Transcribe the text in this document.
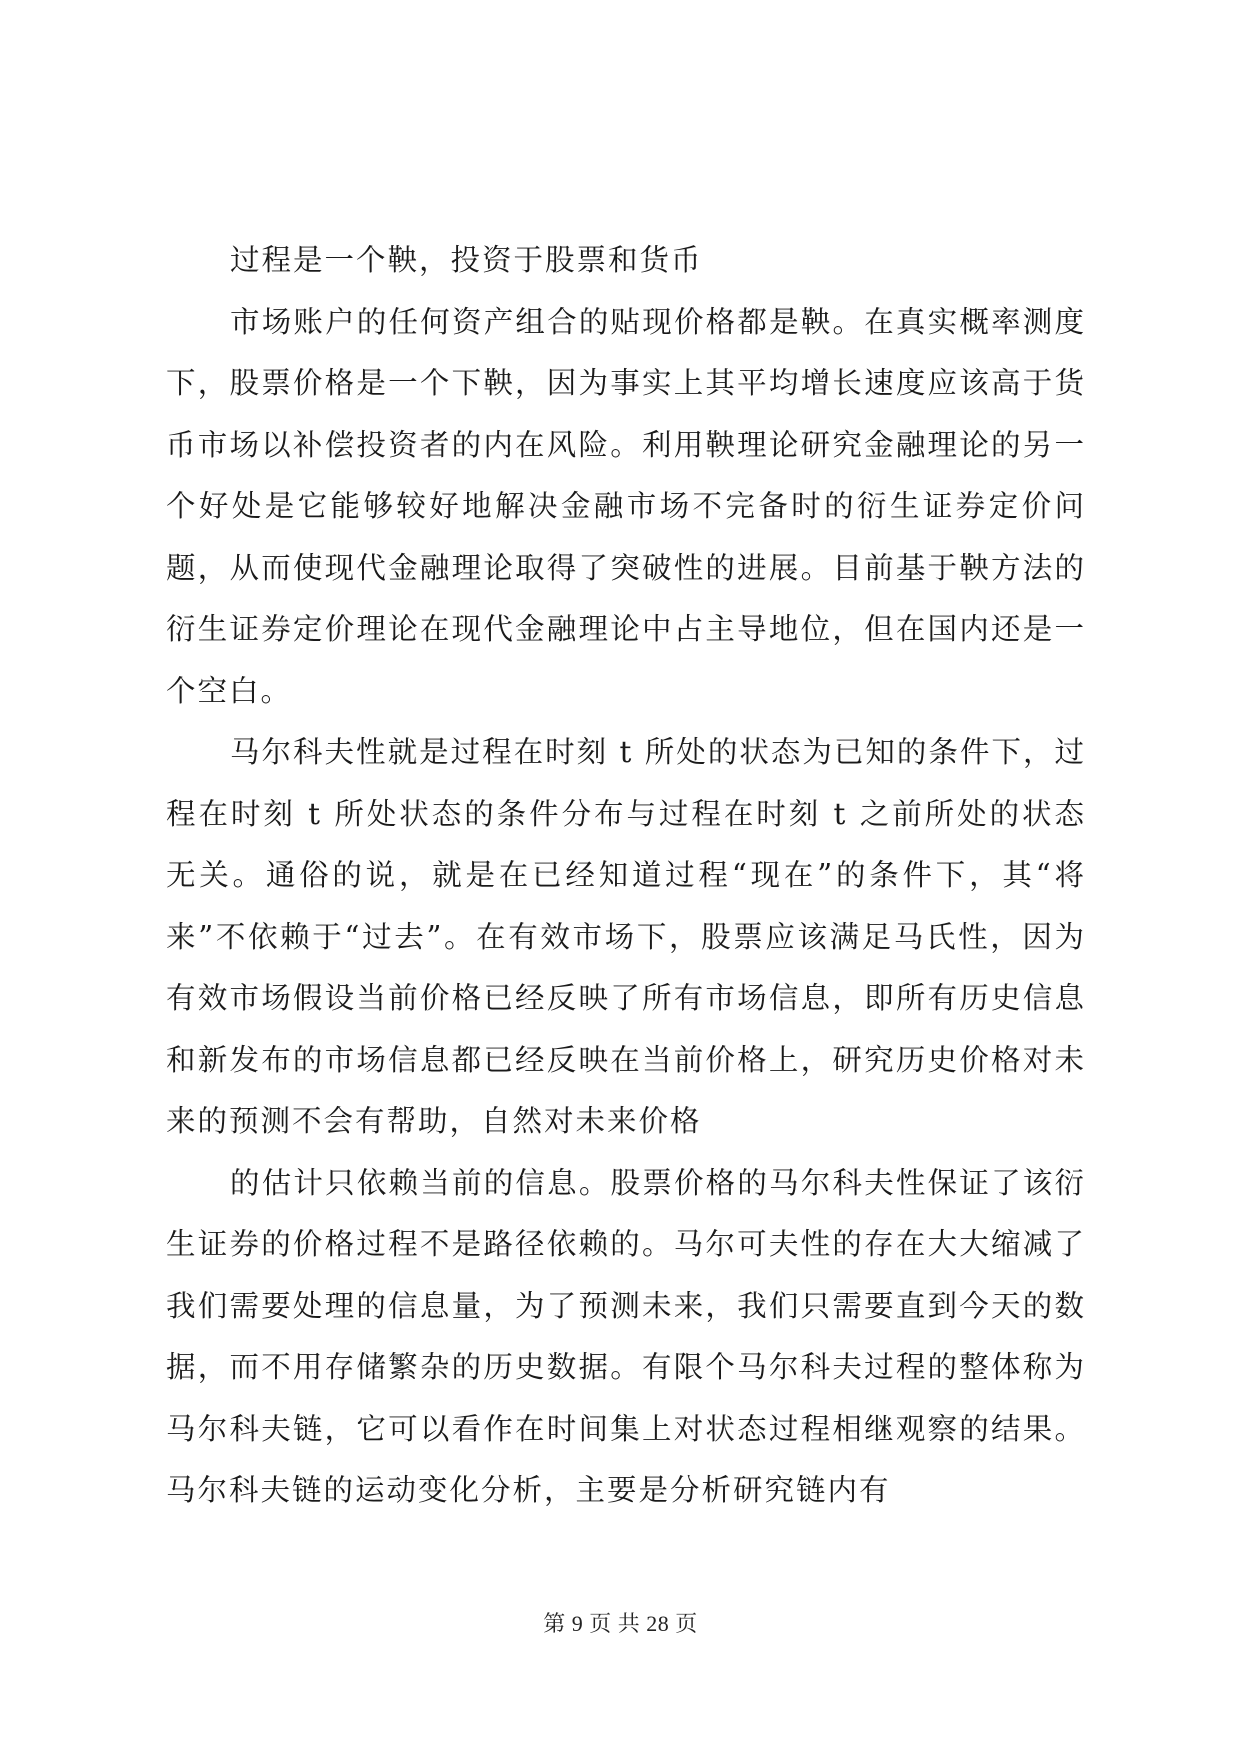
过程是一个鞅，投资于股票和货币

市场账户的任何资产组合的贴现价格都是鞅。在真实概率测度下，股票价格是一个下鞅，因为事实上其平均增长速度应该高于货币市场以补偿投资者的内在风险。利用鞅理论研究金融理论的另一个好处是它能够较好地解决金融市场不完备时的衍生证券定价问题，从而使现代金融理论取得了突破性的进展。目前基于鞅方法的衍生证券定价理论在现代金融理论中占主导地位，但在国内还是一个空白。

马尔科夫性就是过程在时刻 t 所处的状态为已知的条件下，过程在时刻 t 所处状态的条件分布与过程在时刻 t 之前所处的状态无关。通俗的说，就是在已经知道过程“现在”的条件下，其“将来”不依赖于“过去”。在有效市场下，股票应该满足马氏性，因为有效市场假设当前价格已经反映了所有市场信息，即所有历史信息和新发布的市场信息都已经反映在当前价格上，研究历史价格对未来的预测不会有帮助，自然对未来价格

的估计只依赖当前的信息。股票价格的马尔科夫性保证了该衍生证券的价格过程不是路径依赖的。马尔可夫性的存在大大缩减了我们需要处理的信息量，为了预测未来，我们只需要直到今天的数据，而不用存储繁杂的历史数据。有限个马尔科夫过程的整体称为马尔科夫链，它可以看作在时间集上对状态过程相继观察的结果。马尔科夫链的运动变化分析，主要是分析研究链内有

第 9 页 共 28 页
